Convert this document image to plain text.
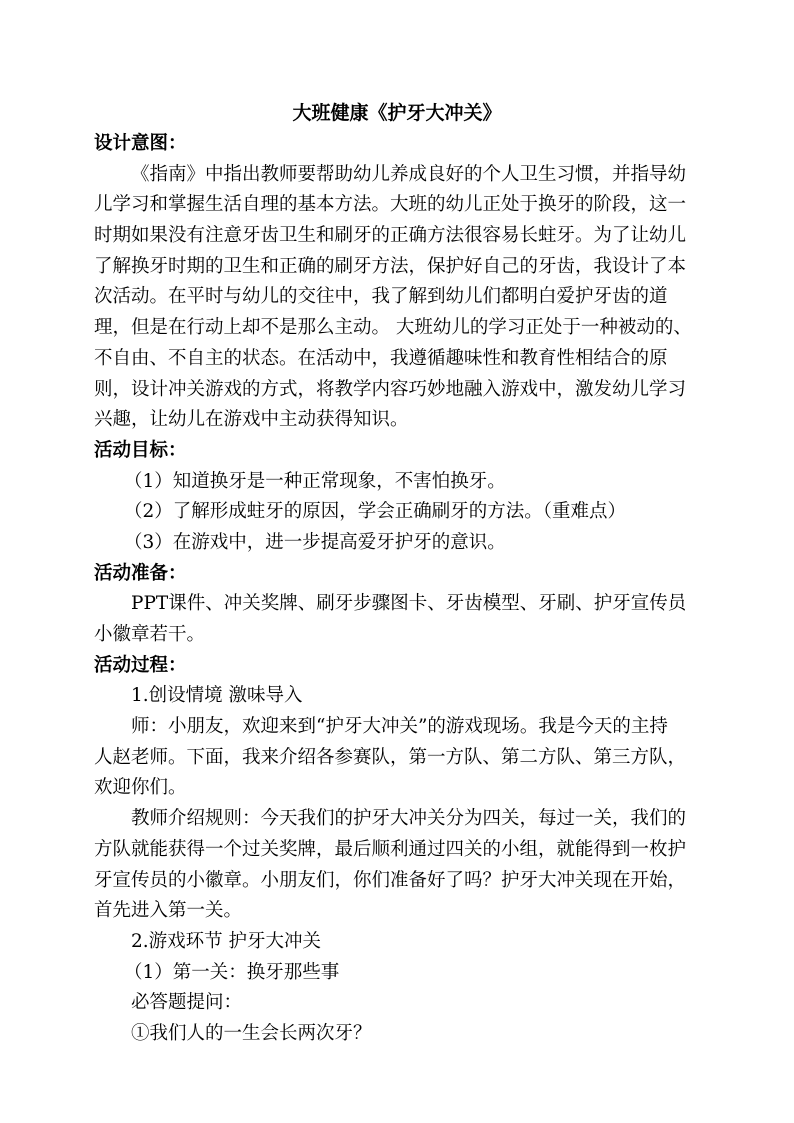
大班健康《护牙大冲关》
设计意图：
《指南》中指出教师要帮助幼儿养成良好的个人卫生习惯，并指导幼
儿学习和掌握生活自理的基本方法。大班的幼儿正处于换牙的阶段，这一
时期如果没有注意牙齿卫生和刷牙的正确方法很容易长蛀牙。为了让幼儿
了解换牙时期的卫生和正确的刷牙方法，保护好自己的牙齿，我设计了本
次活动。在平时与幼儿的交往中，我了解到幼儿们都明白爱护牙齿的道
理，但是在行动上却不是那么主动。 大班幼儿的学习正处于一种被动的、
不自由、不自主的状态。在活动中，我遵循趣味性和教育性相结合的原
则，设计冲关游戏的方式，将教学内容巧妙地融入游戏中，激发幼儿学习
兴趣，让幼儿在游戏中主动获得知识。
活动目标：
（1）知道换牙是一种正常现象，不害怕换牙。
（2）了解形成蛀牙的原因，学会正确刷牙的方法。（重难点）
（3）在游戏中，进一步提高爱牙护牙的意识。
活动准备：
PPT课件、冲关奖牌、刷牙步骤图卡、牙齿模型、牙刷、护牙宣传员
小徽章若干。
活动过程：
1.创设情境 激味导入
师：小朋友，欢迎来到“护牙大冲关”的游戏现场。我是今天的主持
人赵老师。下面，我来介绍各参赛队，第一方队、第二方队、第三方队，
欢迎你们。
教师介绍规则：今天我们的护牙大冲关分为四关，每过一关，我们的
方队就能获得一个过关奖牌，最后顺利通过四关的小组，就能得到一枚护
牙宣传员的小徽章。小朋友们，你们准备好了吗？护牙大冲关现在开始，
首先进入第一关。
2.游戏环节 护牙大冲关
（1）第一关：换牙那些事
必答题提问：
①我们人的一生会长两次牙？
